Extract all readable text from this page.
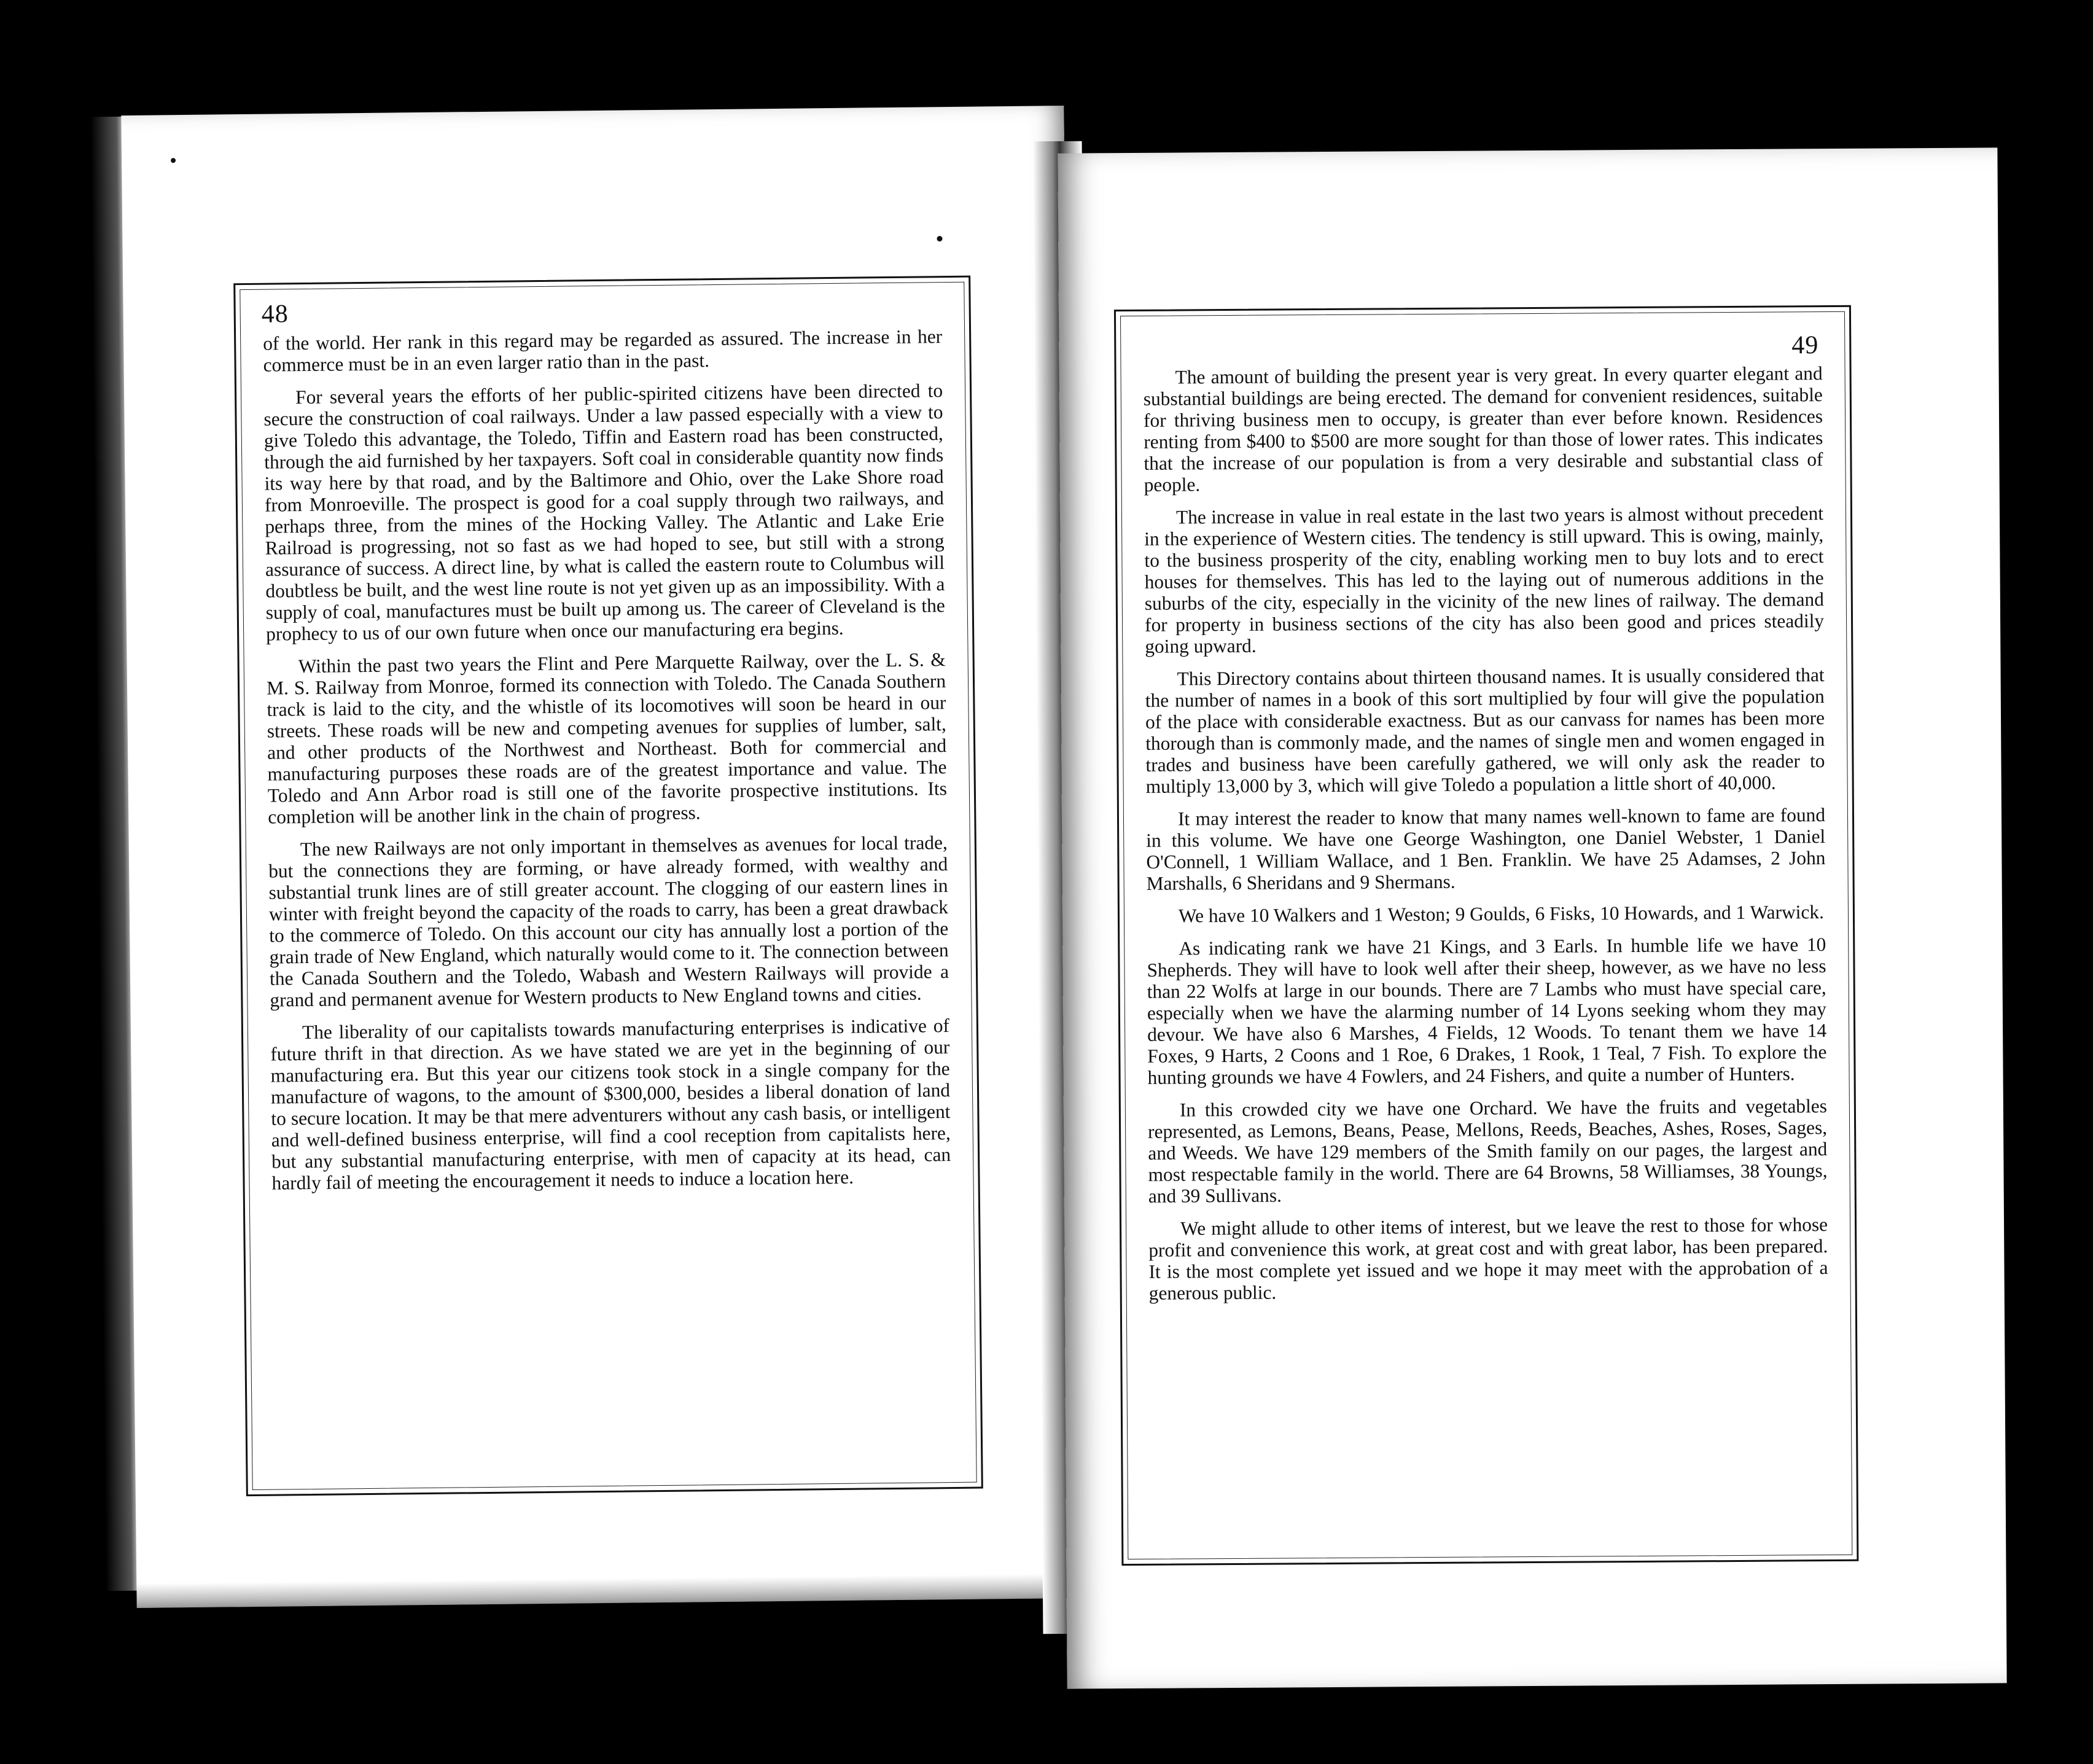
48

of the world. Her rank in this regard may be regarded as assured. The increase in her commerce must be in an even larger ratio than in the past.

For several years the efforts of her public-spirited citizens have been directed to secure the construction of coal railways. Under a law passed especially with a view to give Toledo this advantage, the Toledo, Tiffin and Eastern road has been constructed, through the aid furnished by her taxpayers. Soft coal in considerable quantity now finds its way here by that road, and by the Baltimore and Ohio, over the Lake Shore road from Monroeville. The prospect is good for a coal supply through two railways, and perhaps three, from the mines of the Hocking Valley. The Atlantic and Lake Erie Railroad is progressing, not so fast as we had hoped to see, but still with a strong assurance of success. A direct line, by what is called the eastern route to Columbus will doubtless be built, and the west line route is not yet given up as an impossibility. With a supply of coal, manufactures must be built up among us. The career of Cleveland is the prophecy to us of our own future when once our manufacturing era begins.

Within the past two years the Flint and Pere Marquette Railway, over the L. S. & M. S. Railway from Monroe, formed its connection with Toledo. The Canada Southern track is laid to the city, and the whistle of its locomotives will soon be heard in our streets. These roads will be new and competing avenues for supplies of lumber, salt, and other products of the Northwest and Northeast. Both for commercial and manufacturing purposes these roads are of the greatest importance and value. The Toledo and Ann Arbor road is still one of the favorite prospective institutions. Its completion will be another link in the chain of progress.

The new Railways are not only important in themselves as avenues for local trade, but the connections they are forming, or have already formed, with wealthy and substantial trunk lines are of still greater account. The clogging of our eastern lines in winter with freight beyond the capacity of the roads to carry, has been a great drawback to the commerce of Toledo. On this account our city has annually lost a portion of the grain trade of New England, which naturally would come to it. The connection between the Canada Southern and the Toledo, Wabash and Western Railways will provide a grand and permanent avenue for Western products to New England towns and cities.

The liberality of our capitalists towards manufacturing enterprises is indicative of future thrift in that direction. As we have stated we are yet in the beginning of our manufacturing era. But this year our citizens took stock in a single company for the manufacture of wagons, to the amount of $300,000, besides a liberal donation of land to secure location. It may be that mere adventurers without any cash basis, or intelligent and well-defined business enterprise, will find a cool reception from capitalists here, but any substantial manufacturing enterprise, with men of capacity at its head, can hardly fail of meeting the encouragement it needs to induce a location here.

49

The amount of building the present year is very great. In every quarter elegant and substantial buildings are being erected. The demand for convenient residences, suitable for thriving business men to occupy, is greater than ever before known. Residences renting from $400 to $500 are more sought for than those of lower rates. This indicates that the increase of our population is from a very desirable and substantial class of people.

The increase in value in real estate in the last two years is almost without precedent in the experience of Western cities. The tendency is still upward. This is owing, mainly, to the business prosperity of the city, enabling working men to buy lots and to erect houses for themselves. This has led to the laying out of numerous additions in the suburbs of the city, especially in the vicinity of the new lines of railway. The demand for property in business sections of the city has also been good and prices steadily going upward.

This Directory contains about thirteen thousand names. It is usually considered that the number of names in a book of this sort multiplied by four will give the population of the place with considerable exactness. But as our canvass for names has been more thorough than is commonly made, and the names of single men and women engaged in trades and business have been carefully gathered, we will only ask the reader to multiply 13,000 by 3, which will give Toledo a population a little short of 40,000.

It may interest the reader to know that many names well-known to fame are found in this volume. We have one George Washington, one Daniel Webster, 1 Daniel O'Connell, 1 William Wallace, and 1 Ben. Franklin. We have 25 Adamses, 2 John Marshalls, 6 Sheridans and 9 Shermans.

We have 10 Walkers and 1 Weston; 9 Goulds, 6 Fisks, 10 Howards, and 1 Warwick.

As indicating rank we have 21 Kings, and 3 Earls. In humble life we have 10 Shepherds. They will have to look well after their sheep, however, as we have no less than 22 Wolfs at large in our bounds. There are 7 Lambs who must have special care, especially when we have the alarming number of 14 Lyons seeking whom they may devour. We have also 6 Marshes, 4 Fields, 12 Woods. To tenant them we have 14 Foxes, 9 Harts, 2 Coons and 1 Roe, 6 Drakes, 1 Rook, 1 Teal, 7 Fish. To explore the hunting grounds we have 4 Fowlers, and 24 Fishers, and quite a number of Hunters.

In this crowded city we have one Orchard. We have the fruits and vegetables represented, as Lemons, Beans, Pease, Mellons, Reeds, Beaches, Ashes, Roses, Sages, and Weeds. We have 129 members of the Smith family on our pages, the largest and most respectable family in the world. There are 64 Browns, 58 Williamses, 38 Youngs, and 39 Sullivans.

We might allude to other items of interest, but we leave the rest to those for whose profit and convenience this work, at great cost and with great labor, has been prepared. It is the most complete yet issued and we hope it may meet with the approbation of a generous public.
